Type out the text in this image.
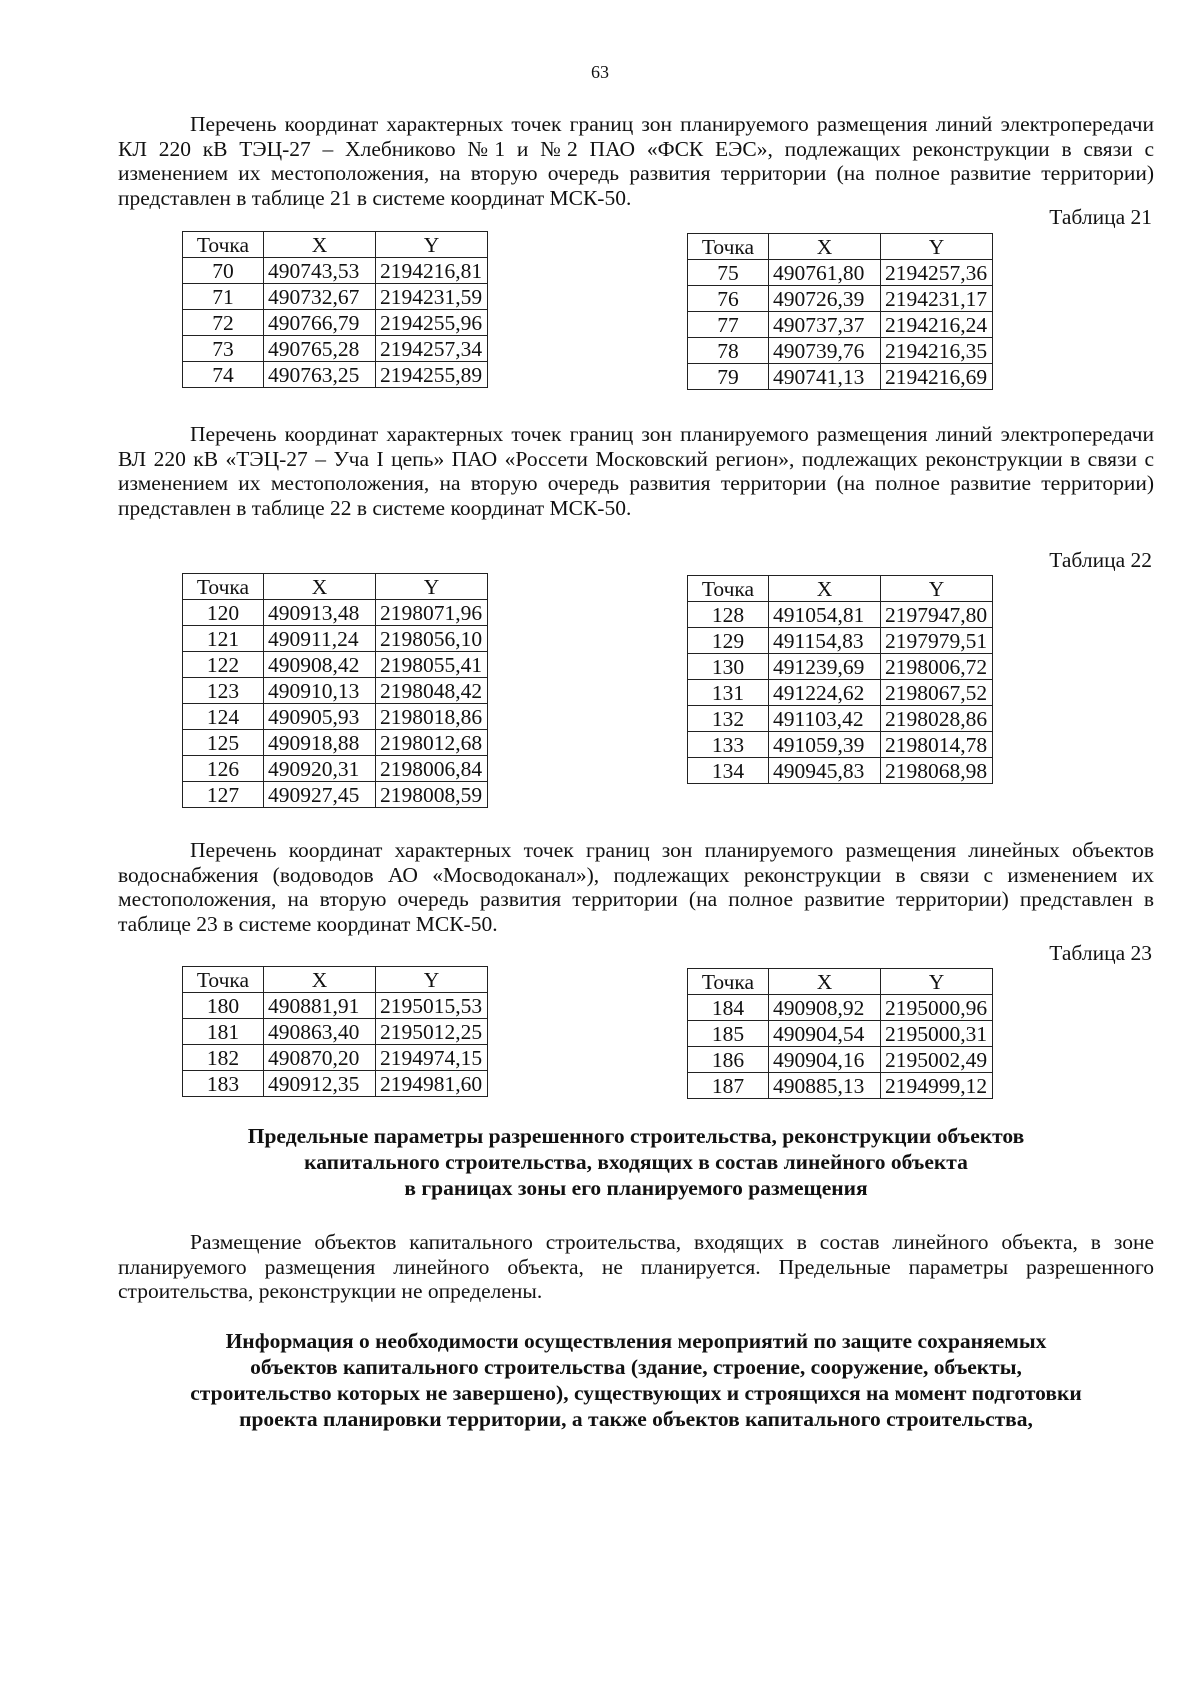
63

Перечень координат характерных точек границ зон планируемого размещения линий электропередачи КЛ 220 кВ ТЭЦ-27 – Хлебниково №1 и №2 ПАО «ФСК ЕЭС», подлежащих реконструкции в связи с изменением их местоположения, на вторую очередь развития территории (на полное развитие территории) представлен в таблице 21 в системе координат МСК-50.

Таблица 21
Точка	X	Y
70	490743,53	2194216,81
71	490732,67	2194231,59
72	490766,79	2194255,96
73	490765,28	2194257,34
74	490763,25	2194255,89
Точка	X	Y
75	490761,80	2194257,36
76	490726,39	2194231,17
77	490737,37	2194216,24
78	490739,76	2194216,35
79	490741,13	2194216,69

Перечень координат характерных точек границ зон планируемого размещения линий электропередачи ВЛ 220 кВ «ТЭЦ-27 – Уча I цепь» ПАО «Россети Московский регион», подлежащих реконструкции в связи с изменением их местоположения, на вторую очередь развития территории (на полное развитие территории) представлен в таблице 22 в системе координат МСК-50.

Таблица 22
Точка	X	Y
120	490913,48	2198071,96
121	490911,24	2198056,10
122	490908,42	2198055,41
123	490910,13	2198048,42
124	490905,93	2198018,86
125	490918,88	2198012,68
126	490920,31	2198006,84
127	490927,45	2198008,59
Точка	X	Y
128	491054,81	2197947,80
129	491154,83	2197979,51
130	491239,69	2198006,72
131	491224,62	2198067,52
132	491103,42	2198028,86
133	491059,39	2198014,78
134	490945,83	2198068,98

Перечень координат характерных точек границ зон планируемого размещения линейных объектов водоснабжения (водоводов АО «Мосводоканал»), подлежащих реконструкции в связи с изменением их местоположения, на вторую очередь развития территории (на полное развитие территории) представлен в таблице 23 в системе координат МСК-50.

Таблица 23
Точка	X	Y
180	490881,91	2195015,53
181	490863,40	2195012,25
182	490870,20	2194974,15
183	490912,35	2194981,60
Точка	X	Y
184	490908,92	2195000,96
185	490904,54	2195000,31
186	490904,16	2195002,49
187	490885,13	2194999,12
Предельные параметры разрешенного строительства, реконструкции объектов
капитального строительства, входящих в состав линейного объекта
в границах зоны его планируемого размещения

Размещение объектов капитального строительства, входящих в состав линейного объекта, в зоне планируемого размещения линейного объекта, не планируется. Предельные параметры разрешенного строительства, реконструкции не определены.

Информация о необходимости осуществления мероприятий по защите сохраняемых
объектов капитального строительства (здание, строение, сооружение, объекты,
строительство которых не завершено), существующих и строящихся на момент подготовки
проекта планировки территории, а также объектов капитального строительства,
